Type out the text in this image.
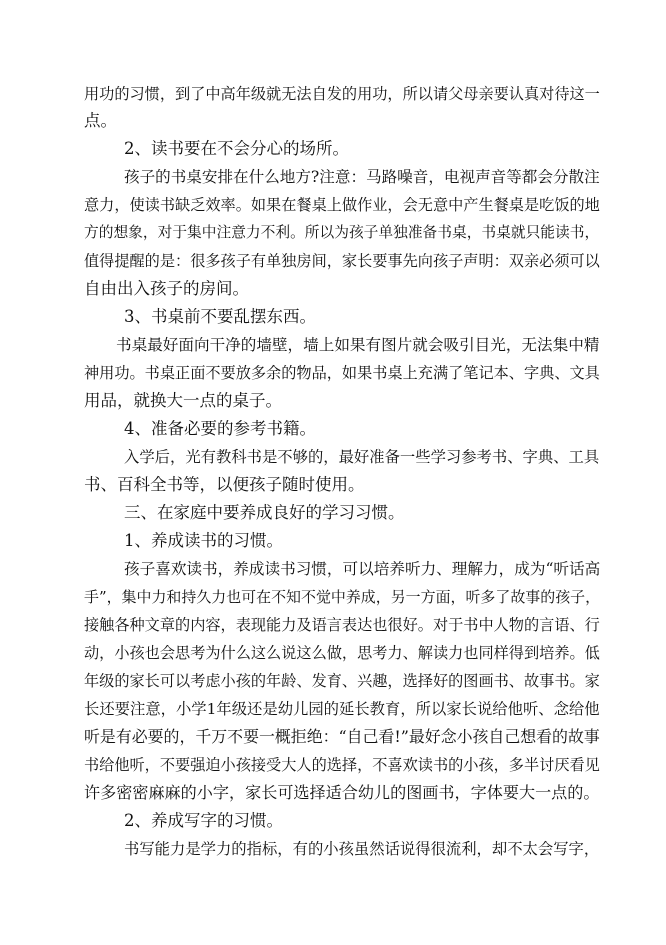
用功的习惯，到了中高年级就无法自发的用功，所以请父母亲要认真对待这一
点。
2、读书要在不会分心的场所。
孩子的书桌安排在什么地方?注意：马路噪音，电视声音等都会分散注
意力，使读书缺乏效率。如果在餐桌上做作业，会无意中产生餐桌是吃饭的地
方的想象，对于集中注意力不利。所以为孩子单独准备书桌，书桌就只能读书，
值得提醒的是：很多孩子有单独房间，家长要事先向孩子声明：双亲必须可以
自由出入孩子的房间。
3、书桌前不要乱摆东西。
书桌最好面向干净的墙壁，墙上如果有图片就会吸引目光，无法集中精
神用功。书桌正面不要放多余的物品，如果书桌上充满了笔记本、字典、文具
用品，就换大一点的桌子。
4、准备必要的参考书籍。
入学后，光有教科书是不够的，最好准备一些学习参考书、字典、工具
书、百科全书等，以便孩子随时使用。
三、在家庭中要养成良好的学习习惯。
1、养成读书的习惯。
孩子喜欢读书，养成读书习惯，可以培养听力、理解力，成为“听话高
手”，集中力和持久力也可在不知不觉中养成，另一方面，听多了故事的孩子，
接触各种文章的内容，表现能力及语言表达也很好。对于书中人物的言语、行
动，小孩也会思考为什么这么说这么做，思考力、解读力也同样得到培养。低
年级的家长可以考虑小孩的年龄、发育、兴趣，选择好的图画书、故事书。家
长还要注意，小学1年级还是幼儿园的延长教育，所以家长说给他听、念给他
听是有必要的，千万不要一概拒绝：“自己看!”最好念小孩自己想看的故事
书给他听，不要强迫小孩接受大人的选择，不喜欢读书的小孩，多半讨厌看见
许多密密麻麻的小字，家长可选择适合幼儿的图画书，字体要大一点的。
2、养成写字的习惯。
书写能力是学力的指标，有的小孩虽然话说得很流利，却不太会写字，
